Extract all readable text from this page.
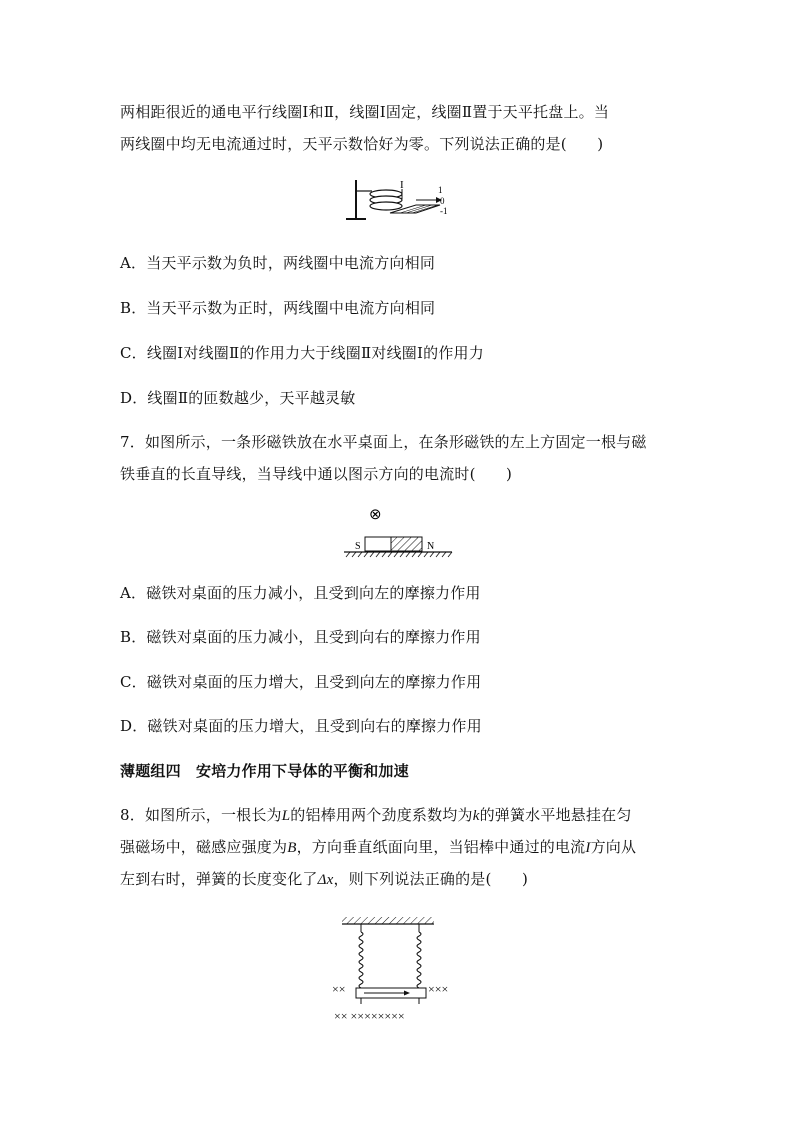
两相距很近的通电平行线圈Ⅰ和Ⅱ，线圈Ⅰ固定，线圈Ⅱ置于天平托盘上。当
两线圈中均无电流通过时，天平示数恰好为零。下列说法正确的是(　　)
I	1
0
-1
A．当天平示数为负时，两线圈中电流方向相同
B．当天平示数为正时，两线圈中电流方向相同
C．线圈Ⅰ对线圈Ⅱ的作用力大于线圈Ⅱ对线圈Ⅰ的作用力
D．线圈Ⅱ的匝数越少，天平越灵敏
7．如图所示，一条形磁铁放在水平桌面上，在条形磁铁的左上方固定一根与磁
铁垂直的长直导线，当导线中通以图示方向的电流时(　　)
⊗
S	N
A．磁铁对桌面的压力减小，且受到向左的摩擦力作用
B．磁铁对桌面的压力减小，且受到向右的摩擦力作用
C．磁铁对桌面的压力增大，且受到向左的摩擦力作用
D．磁铁对桌面的压力增大，且受到向右的摩擦力作用
薄题组四　安培力作用下导体的平衡和加速
8．如图所示，一根长为L的铝棒用两个劲度系数均为k的弹簧水平地悬挂在匀
强磁场中，磁感应强度为B，方向垂直纸面向里，当铝棒中通过的电流I方向从
左到右时，弹簧的长度变化了Δx，则下列说法正确的是(　　)
××	×××
×× ××××××××
